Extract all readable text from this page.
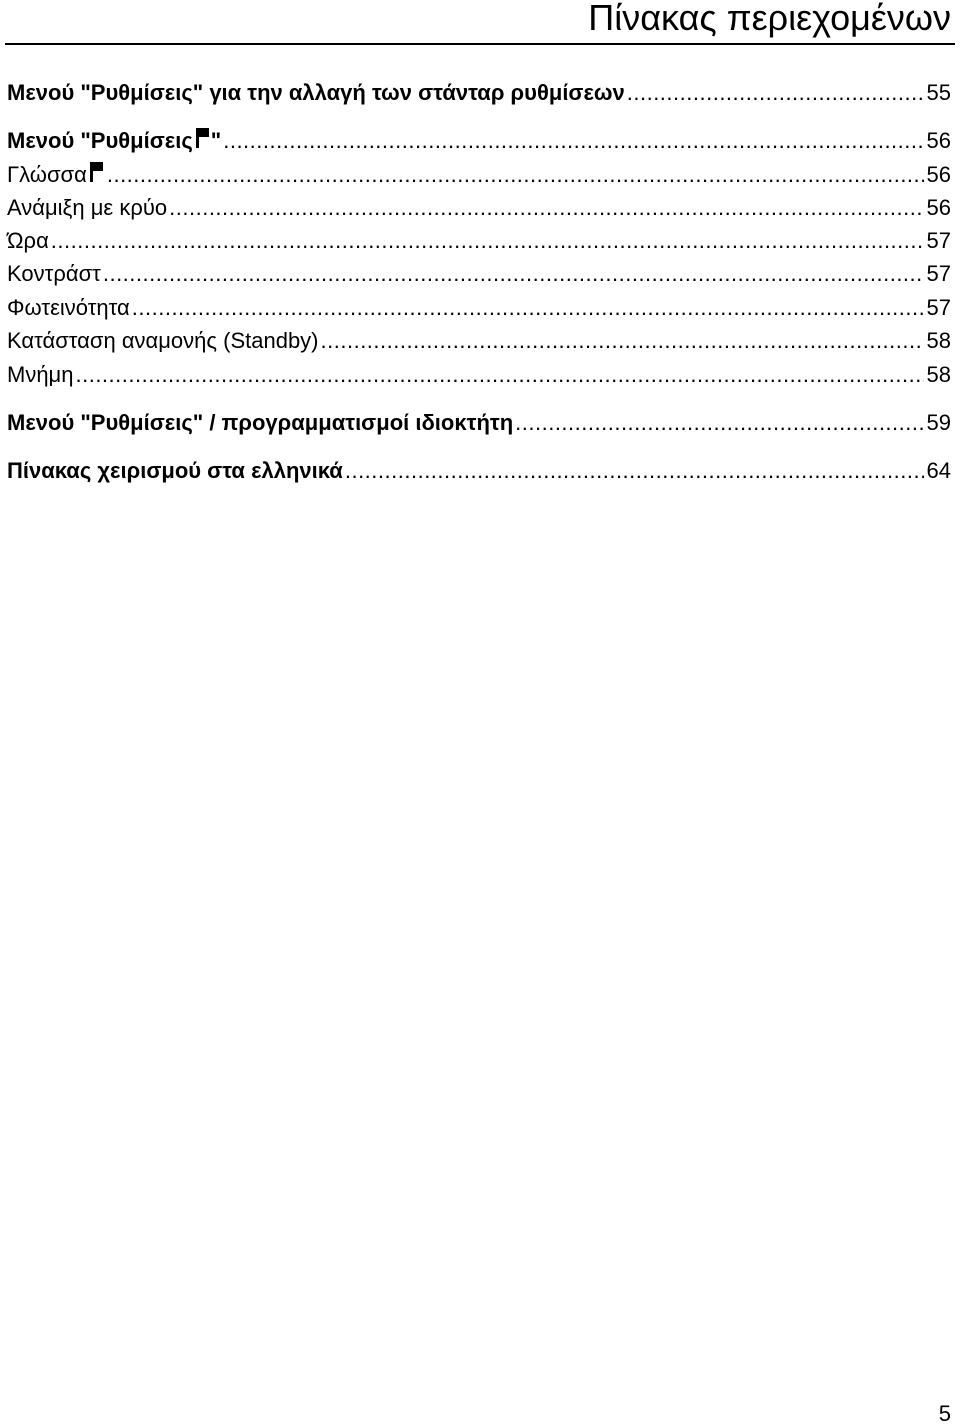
Πίνακας περιεχομένων
Μενού "Ρυθμίσεις" για την αλλαγή των στάνταρ ρυθμίσεων .....	55
Μενού "Ρυθμίσεις " .....	56
Γλώσσα .....	56
Ανάμιξη με κρύο .....	56
Ώρα .....	57
Κοντράστ .....	57
Φωτεινότητα .....	57
Κατάσταση αναμονής (Standby) .....	58
Μνήμη .....	58
Μενού "Ρυθμίσεις" / προγραμματισμοί ιδιοκτήτη .....	59
Πίνακας χειρισμού στα ελληνικά .....	64
5
